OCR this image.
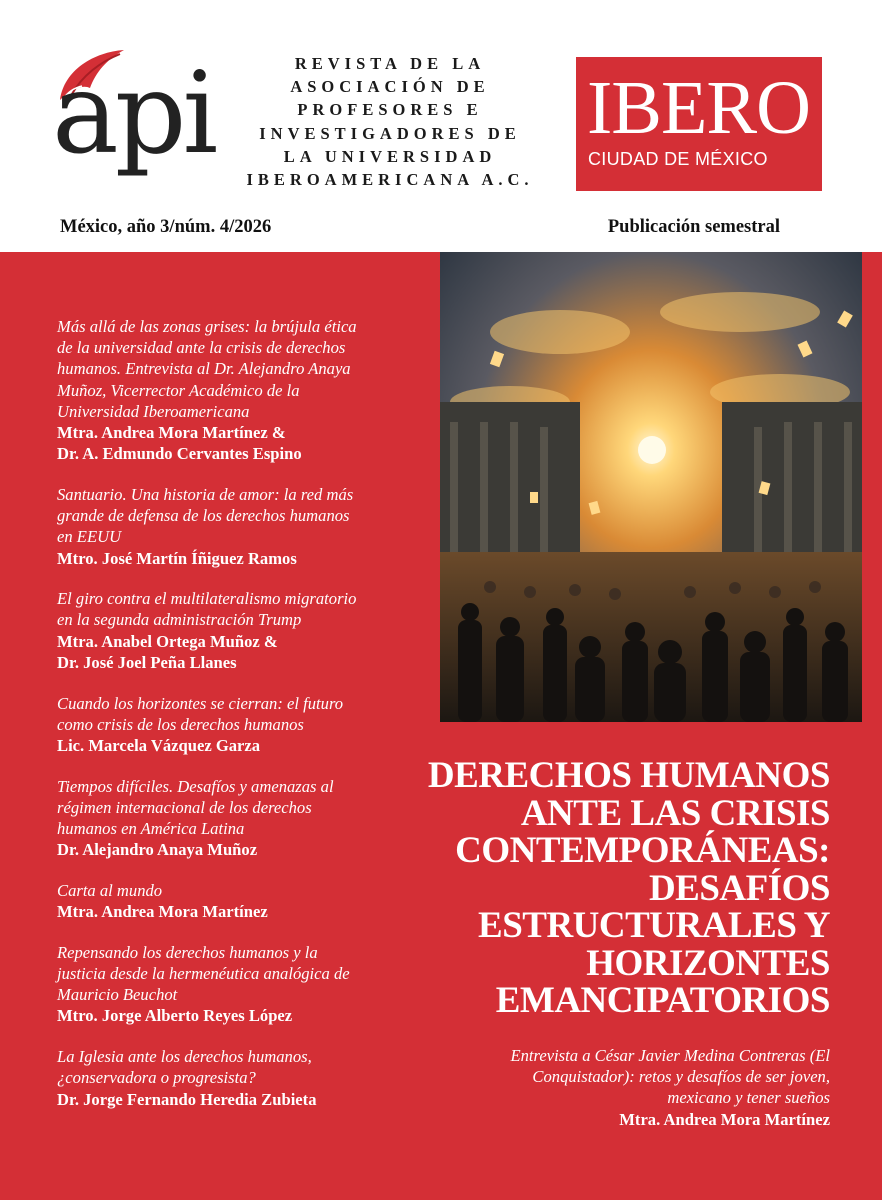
api	REVISTA DE LA
ASOCIACIÓN DE
PROFESORES E
INVESTIGADORES DE
LA UNIVERSIDAD
IBEROAMERICANA A.C.
IBERO
CIUDAD DE MÉXICO
México, año 3/núm. 4/2026	Publicación semestral
Más allá de las zonas grises: la brújula ética
de la universidad ante la crisis de derechos
humanos. Entrevista al Dr. Alejandro Anaya
Muñoz, Vicerrector Académico de la
Universidad Iberoamericana
Mtra. Andrea Mora Martínez &
Dr. A. Edmundo Cervantes Espino
Santuario. Una historia de amor: la red más
grande de defensa de los derechos humanos
en EEUU
Mtro. José Martín Íñiguez Ramos
El giro contra el multilateralismo migratorio
en la segunda administración Trump
Mtra. Anabel Ortega Muñoz &
Dr. José Joel Peña Llanes
Cuando los horizontes se cierran: el futuro
como crisis de los derechos humanos
Lic. Marcela Vázquez Garza
Tiempos difíciles. Desafíos y amenazas al
régimen internacional de los derechos
humanos en América Latina
Dr. Alejandro Anaya Muñoz
Carta al mundo
Mtra. Andrea Mora Martínez
Repensando los derechos humanos y la
justicia desde la hermenéutica analógica de
Mauricio Beuchot
Mtro. Jorge Alberto Reyes López
La Iglesia ante los derechos humanos,
¿conservadora o progresista?
Dr. Jorge Fernando Heredia Zubieta
DERECHOS HUMANOS
ANTE LAS CRISIS
CONTEMPORÁNEAS:
DESAFÍOS
ESTRUCTURALES Y
HORIZONTES
EMANCIPATORIOS
Entrevista a César Javier Medina Contreras (El
Conquistador): retos y desafíos de ser joven,
mexicano y tener sueños
Mtra. Andrea Mora Martínez
